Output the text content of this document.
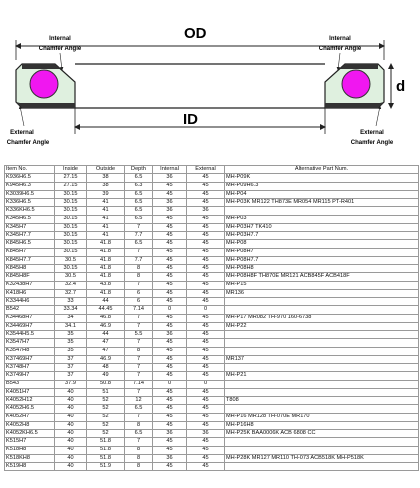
OD
Internal
Chamfer Angle
Internal
Chamfer Angle
d
ID
External
Chamfer Angle
External
Chamfer Angle
Item No.	Inside	Outside	Depth	Internal	External	Alternative Part Num.
K936H6.5	27.15	38	6.5	36	45	MH-P09K
K945H6.3	27.15	38	6.3	45	45	MH-P09H6.3
K3039H6.5	30.15	39	6.5	45	45	MH-P04
K336H6.5	30.15	41	6.5	36	45	MH-P03K MR122 TH873E MR054 MR115 PT-R401
K336KH6.5	30.15	41	6.5	36	36	
K345H6.5	30.15	41	6.5	45	45	MH-P03
K345H7	30.15	41	7	45	45	MH-P03H7 TK410
K345H7.7	30.15	41	7.7	45	45	MH-P03H7.7
K845H6.5	30.15	41.8	6.5	45	45	MH-P08
K845H7	30.15	41.8	7	45	45	MH-P08H7
K845H7.7	30.5	41.8	7.7	45	45	MH-P08H7.7
K845H8	30.15	41.8	8	45	45	MH-P08H8
K845H8F	30.5	41.8	8	45	45	MH-P08H8F TH870E MR121 ACB845F ACB418F
K32438H7	32.4	43.8	7	45	45	MH-P15
K418H6	32.7	41.8	6	45	45	MR136
K3344H6	33	44	6	45	45	
B542	33.34	44.45	7.14	0	0	
K34468H7	34	46.8	7	45	45	MH-P17 MR082 TH-970 160-6738
K34469H7	34.1	46.9	7	45	45	MH-P22
K3544H5.5	35	44	5.5	36	45	
K3547H7	35	47	7	45	45	
K3547H8	35	47	8	45	45	
K37469H7	37	46.9	7	45	45	MR137
K3748H7	37	48	7	45	45	
K3749H7	37	49	7	45	45	MH-P21
B543	37.9	50.8	7.14	0	0	
K4051H7	40	51	7	45	45	
K4052H12	40	52	12	45	45	T808
K4052H6.5	40	52	6.5	45	45	
K4052H7	40	52	7	45	45	MH-P16 MR128 TH-070E MR170
K4052H8	40	52	8	45	45	MH-P16H8
K4052KH6.5	40	52	6.5	36	36	MH-P25K BAA0006K ACB 6808 CC
K515H7	40	51.8	7	45	45	
K518H8	40	51.8	8	45	45	
K518KH8	40	51.8	8	36	45	MH-P28K MR127 MR110 TH-073 ACB518K MH-P518K
K519H8	40	51.9	8	45	45	
